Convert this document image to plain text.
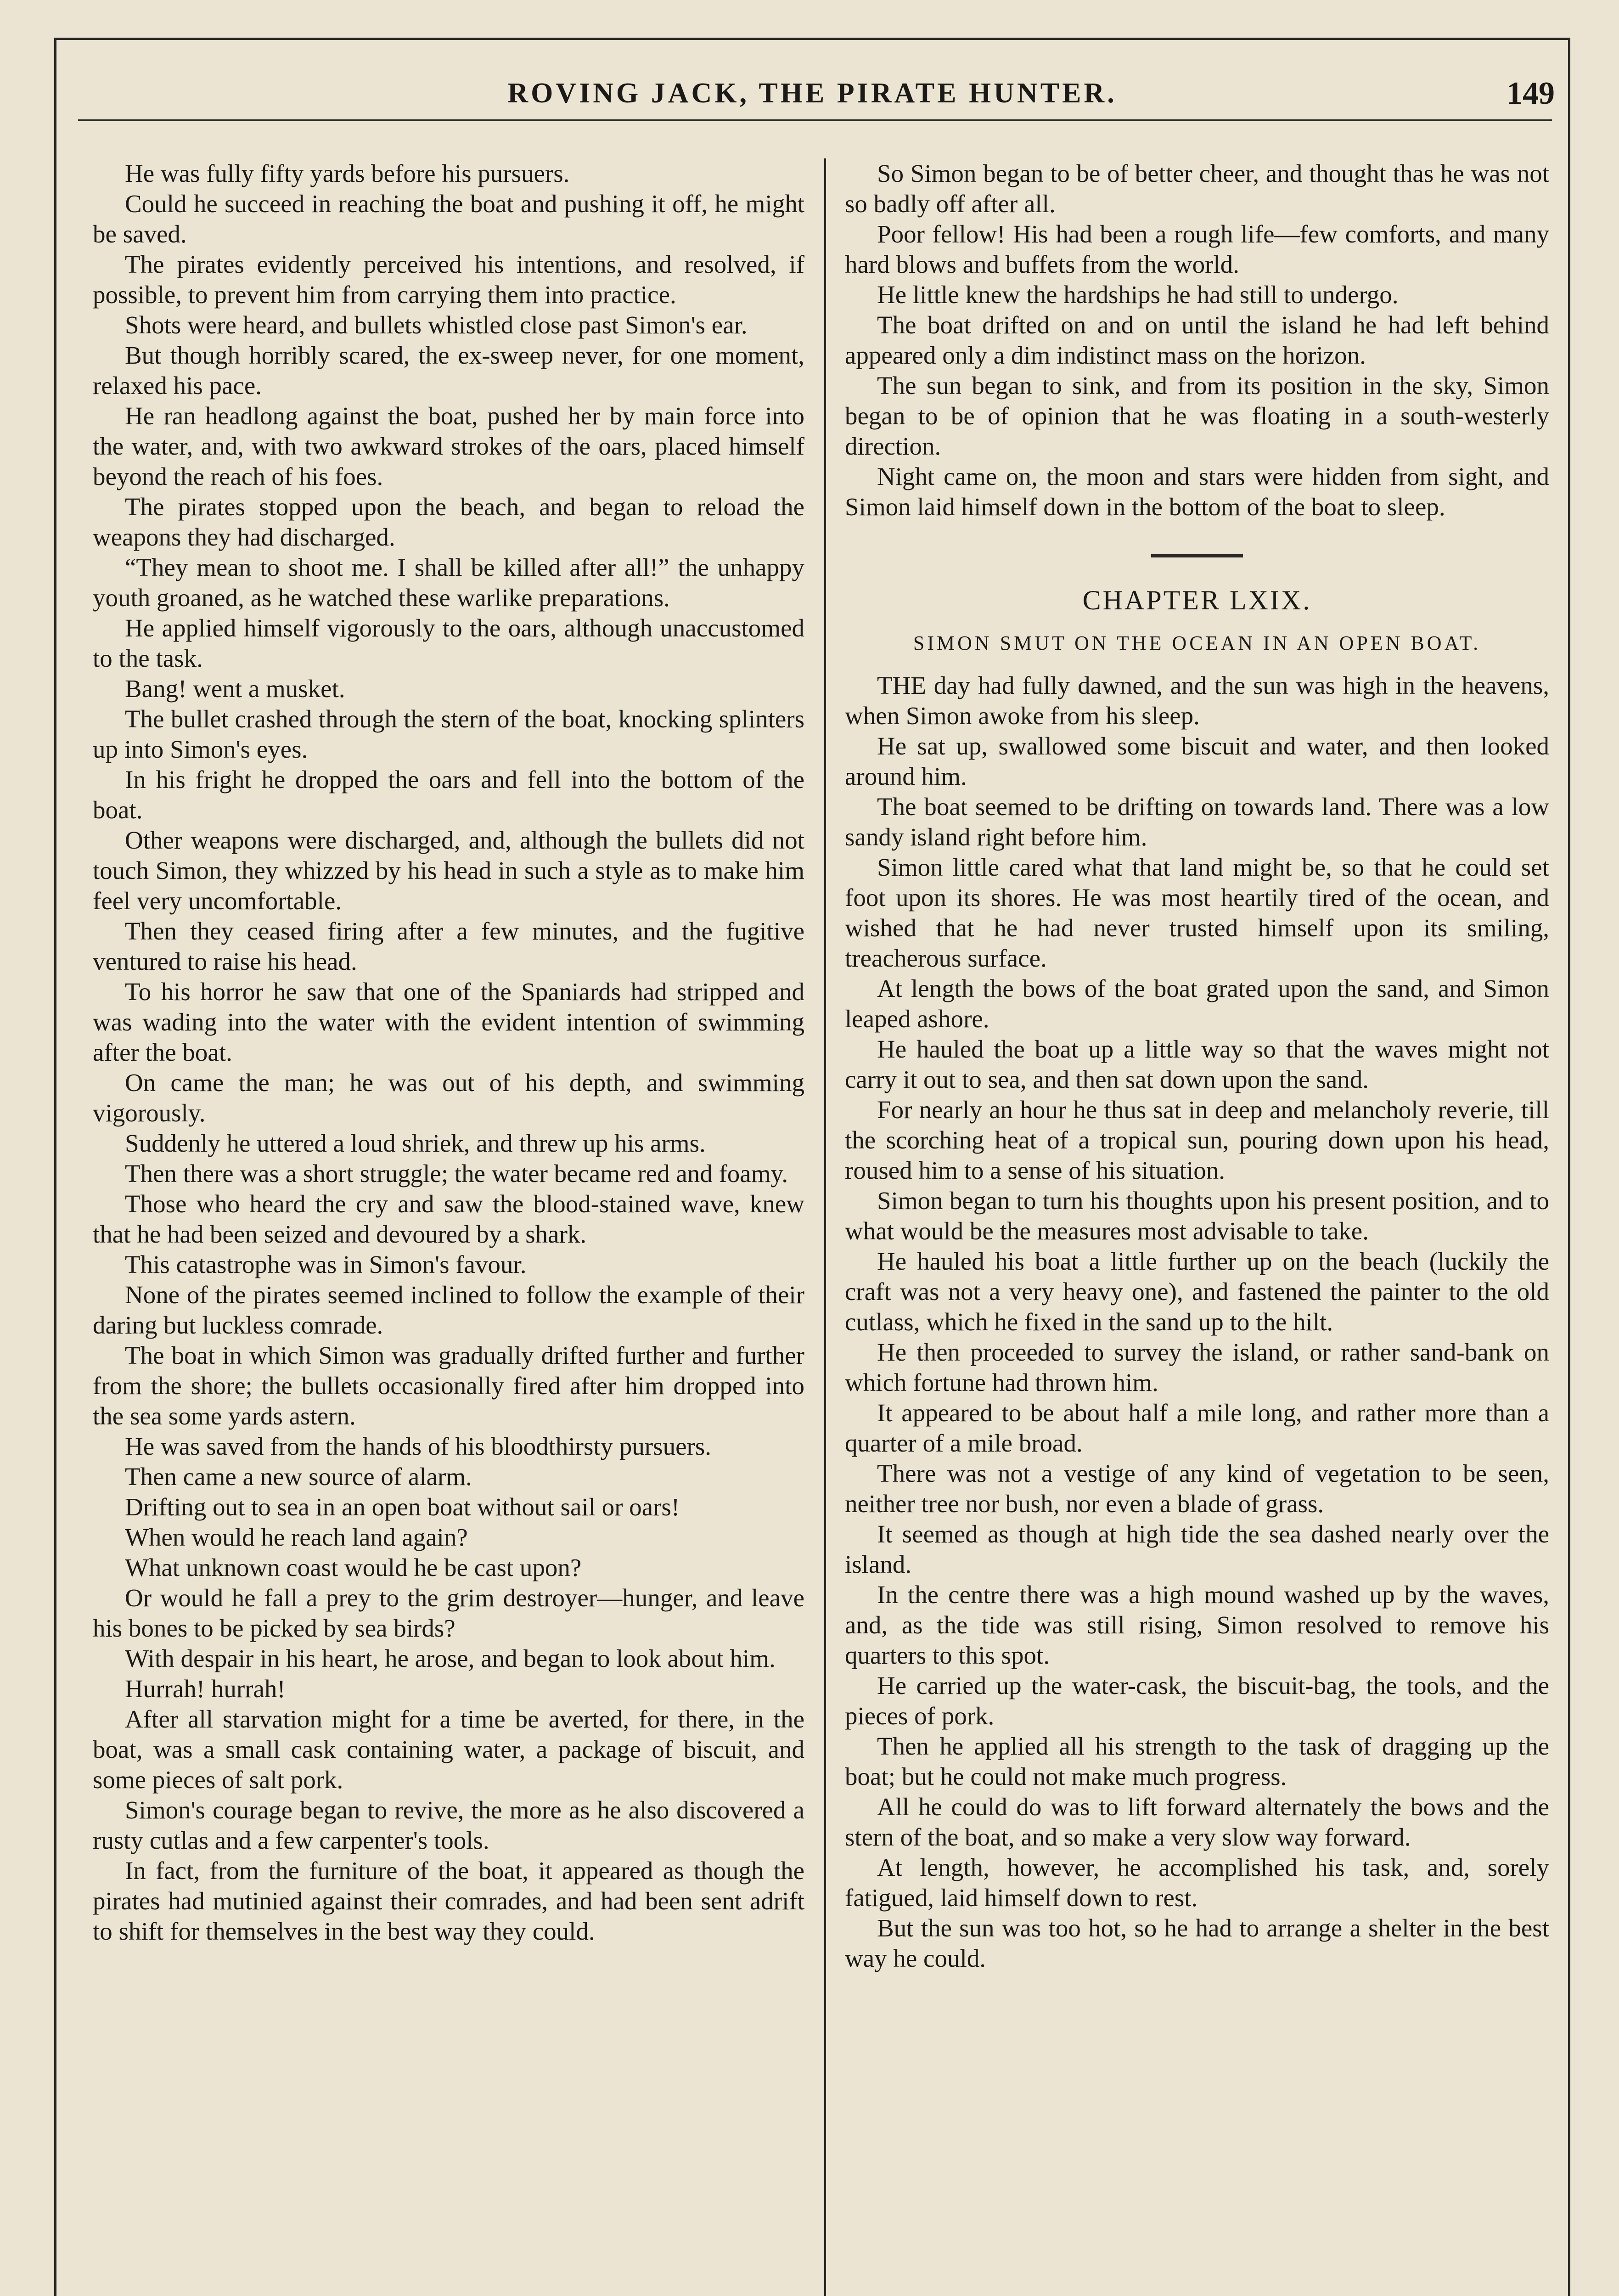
ROVING JACK, THE PIRATE HUNTER.	149

He was fully fifty yards before his pursuers.

Could he succeed in reaching the boat and pushing it off, he might be saved.

The pirates evidently perceived his intentions, and resolved, if possible, to prevent him from carrying them into practice.

Shots were heard, and bullets whistled close past Simon's ear.

But though horribly scared, the ex-sweep never, for one moment, relaxed his pace.

He ran headlong against the boat, pushed her by main force into the water, and, with two awkward strokes of the oars, placed himself beyond the reach of his foes.

The pirates stopped upon the beach, and began to reload the weapons they had discharged.

“They mean to shoot me. I shall be killed after all!” the unhappy youth groaned, as he watched these warlike preparations.

He applied himself vigorously to the oars, although unaccustomed to the task.

Bang! went a musket.

The bullet crashed through the stern of the boat, knocking splinters up into Simon's eyes.

In his fright he dropped the oars and fell into the bottom of the boat.

Other weapons were discharged, and, although the bullets did not touch Simon, they whizzed by his head in such a style as to make him feel very uncomfortable.

Then they ceased firing after a few minutes, and the fugitive ventured to raise his head.

To his horror he saw that one of the Spaniards had stripped and was wading into the water with the evident intention of swimming after the boat.

On came the man; he was out of his depth, and swimming vigorously.

Suddenly he uttered a loud shriek, and threw up his arms.

Then there was a short struggle; the water became red and foamy.

Those who heard the cry and saw the blood-stained wave, knew that he had been seized and devoured by a shark.

This catastrophe was in Simon's favour.

None of the pirates seemed inclined to follow the example of their daring but luckless comrade.

The boat in which Simon was gradually drifted further and further from the shore; the bullets occasionally fired after him dropped into the sea some yards astern.

He was saved from the hands of his bloodthirsty pursuers.

Then came a new source of alarm.

Drifting out to sea in an open boat without sail or oars!

When would he reach land again?

What unknown coast would he be cast upon?

Or would he fall a prey to the grim destroyer—hunger, and leave his bones to be picked by sea birds?

With despair in his heart, he arose, and began to look about him.

Hurrah! hurrah!

After all starvation might for a time be averted, for there, in the boat, was a small cask containing water, a package of biscuit, and some pieces of salt pork.

Simon's courage began to revive, the more as he also discovered a rusty cutlas and a few carpenter's tools.

In fact, from the furniture of the boat, it appeared as though the pirates had mutinied against their comrades, and had been sent adrift to shift for themselves in the best way they could.

So Simon began to be of better cheer, and thought thas he was not so badly off after all.

Poor fellow! His had been a rough life—few comforts, and many hard blows and buffets from the world.

He little knew the hardships he had still to undergo.

The boat drifted on and on until the island he had left behind appeared only a dim indistinct mass on the horizon.

The sun began to sink, and from its position in the sky, Simon began to be of opinion that he was floating in a south-westerly direction.

Night came on, the moon and stars were hidden from sight, and Simon laid himself down in the bottom of the boat to sleep.

CHAPTER LXIX.
SIMON SMUT ON THE OCEAN IN AN OPEN BOAT.

THE day had fully dawned, and the sun was high in the heavens, when Simon awoke from his sleep.

He sat up, swallowed some biscuit and water, and then looked around him.

The boat seemed to be drifting on towards land. There was a low sandy island right before him.

Simon little cared what that land might be, so that he could set foot upon its shores. He was most heartily tired of the ocean, and wished that he had never trusted himself upon its smiling, treacherous surface.

At length the bows of the boat grated upon the sand, and Simon leaped ashore.

He hauled the boat up a little way so that the waves might not carry it out to sea, and then sat down upon the sand.

For nearly an hour he thus sat in deep and melancholy reverie, till the scorching heat of a tropical sun, pouring down upon his head, roused him to a sense of his situation.

Simon began to turn his thoughts upon his present position, and to what would be the measures most advisable to take.

He hauled his boat a little further up on the beach (luckily the craft was not a very heavy one), and fastened the painter to the old cutlass, which he fixed in the sand up to the hilt.

He then proceeded to survey the island, or rather sand-bank on which fortune had thrown him.

It appeared to be about half a mile long, and rather more than a quarter of a mile broad.

There was not a vestige of any kind of vegetation to be seen, neither tree nor bush, nor even a blade of grass.

It seemed as though at high tide the sea dashed nearly over the island.

In the centre there was a high mound washed up by the waves, and, as the tide was still rising, Simon resolved to remove his quarters to this spot.

He carried up the water-cask, the biscuit-bag, the tools, and the pieces of pork.

Then he applied all his strength to the task of dragging up the boat; but he could not make much progress.

All he could do was to lift forward alternately the bows and the stern of the boat, and so make a very slow way forward.

At length, however, he accomplished his task, and, sorely fatigued, laid himself down to rest.

But the sun was too hot, so he had to arrange a shelter in the best way he could.
